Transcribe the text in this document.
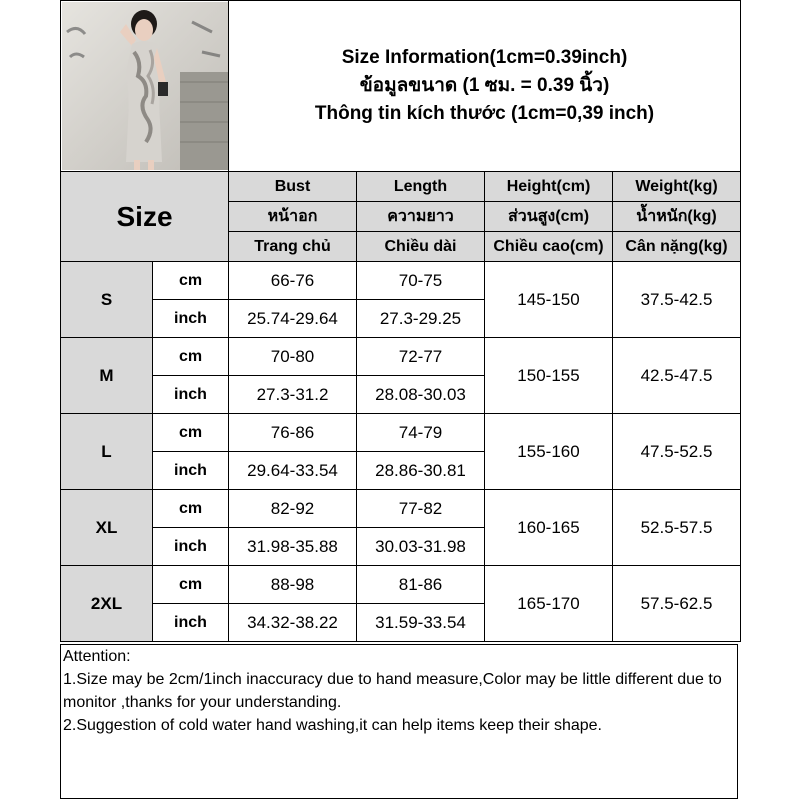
Size Information(1cm=0.39inch)
ข้อมูลขนาด (1 ซม. = 0.39 นิ้ว)
Thông tin kích thước (1cm=0,39 inch)			

Size		Bust	Length	Height(cm)	Weight(kg)
		หน้าอก	ความยาว	ส่วนสูง(cm)	น้ำหนัก(kg)
		Trang chủ	Chiều dài	Chiều cao(cm)	Cân nặng(kg)
S	cm	66-76	70-75	145-150	37.5-42.5
	inch	25.74-29.64	27.3-29.25		
M	cm	70-80	72-77	150-155	42.5-47.5
	inch	27.3-31.2	28.08-30.03		
L	cm	76-86	74-79	155-160	47.5-52.5
	inch	29.64-33.54	28.86-30.81		
XL	cm	82-92	77-82	160-165	52.5-57.5
	inch	31.98-35.88	30.03-31.98		
2XL	cm	88-98	81-86	165-170	57.5-62.5
	inch	34.32-38.22	31.59-33.54		
Attention:
1.Size may be 2cm/1inch inaccuracy due to hand measure,Color may be little different due to monitor ,thanks for your understanding.
2.Suggestion of cold water hand washing,it can help items keep their shape.
